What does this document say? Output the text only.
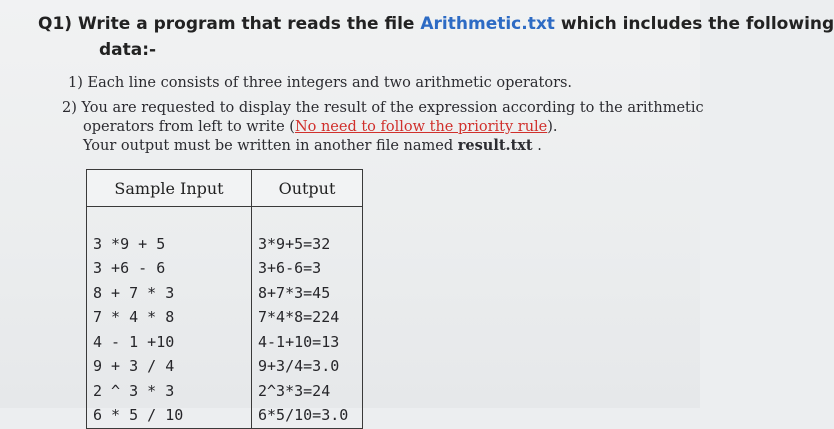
Q1) Write a program that reads the file Arithmetic.txt which includes the following
data:-
1) Each line consists of three integers and two arithmetic operators.
2) You are requested to display the result of the expression according to the arithmetic
operators from left to write (No need to follow the priority rule).
Your output must be written in another file named result.txt .
Sample Input	Output

3 *9 + 5	3*9+5=32
3 +6 - 6	3+6-6=3
8 + 7 * 3	8+7*3=45
7 * 4 * 8	7*4*8=224
4 - 1 +10	4-1+10=13
9 + 3 / 4	9+3/4=3.0
2 ^ 3 * 3	2^3*3=24
6 * 5 / 10	6*5/10=3.0
